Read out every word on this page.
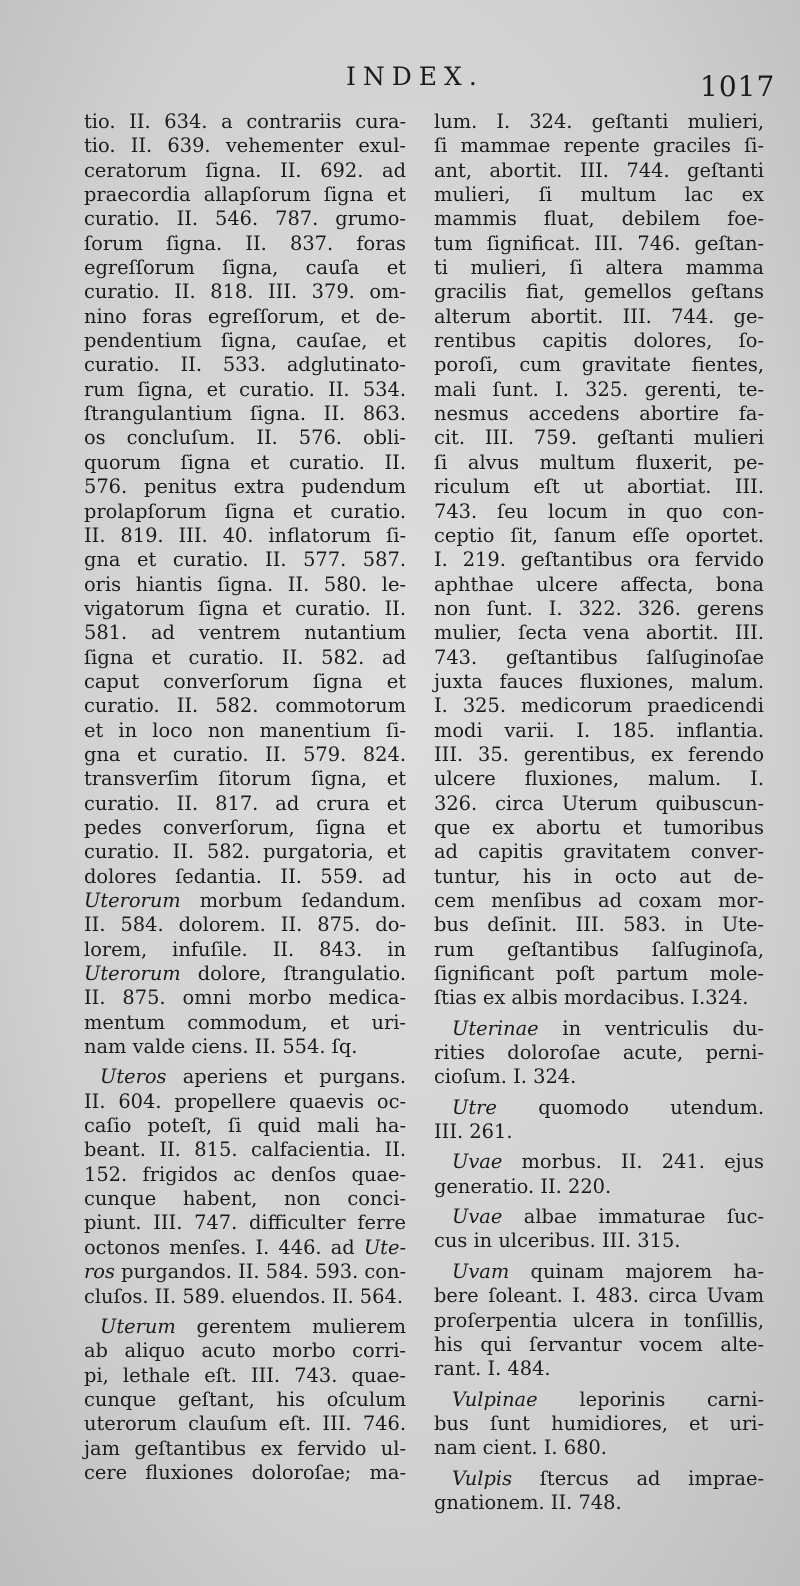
INDEX.	1017
tio. II. 634. a contrariis cura-
tio. II. 639. vehementer exul-
ceratorum ſigna. II. 692. ad
praecordia allapſorum ſigna et
curatio. II. 546. 787. grumo-
ſorum ſigna. II. 837. foras
egreſſorum ſigna, cauſa et
curatio. II. 818. III. 379. om-
nino foras egreſſorum, et de-
pendentium ſigna, cauſae, et
curatio. II. 533. adglutinato-
rum ſigna, et curatio. II. 534.
ſtrangulantium ſigna. II. 863.
os concluſum. II. 576. obli-
quorum ſigna et curatio. II.
576. penitus extra pudendum
prolapſorum ſigna et curatio.
II. 819. III. 40. inflatorum ſi-
gna et curatio. II. 577. 587.
oris hiantis ſigna. II. 580. le-
vigatorum ſigna et curatio. II.
581. ad ventrem nutantium
ſigna et curatio. II. 582. ad
caput converſorum ſigna et
curatio. II. 582. commotorum
et in loco non manentium ſi-
gna et curatio. II. 579. 824.
transverſim ſitorum ſigna, et
curatio. II. 817. ad crura et
pedes converſorum, ſigna et
curatio. II. 582. purgatoria, et
dolores ſedantia. II. 559. ad
Uterorum morbum ſedandum.
II. 584. dolorem. II. 875. do-
lorem, infuſile. II. 843. in
Uterorum dolore, ſtrangulatio.
II. 875. omni morbo medica-
mentum commodum, et uri-
nam valde ciens. II. 554. ſq.
Uteros aperiens et purgans.
II. 604. propellere quaevis oc-
caſio poteſt, ſi quid mali ha-
beant. II. 815. calfacientia. II.
152. frigidos ac denſos quae-
cunque habent, non conci-
piunt. III. 747. difficulter ferre
octonos menſes. I. 446. ad Ute-
ros purgandos. II. 584. 593. con-
cluſos. II. 589. eluendos. II. 564.
Uterum gerentem mulierem
ab aliquo acuto morbo corri-
pi, lethale eſt. III. 743. quae-
cunque geſtant, his oſculum
uterorum clauſum eſt. III. 746.
jam geſtantibus ex fervido ul-
cere fluxiones doloroſae; ma-
lum. I. 324. geſtanti mulieri,
ſi mammae repente graciles ſi-
ant, abortit. III. 744. geſtanti
mulieri, ſi multum lac ex
mammis fluat, debilem foe-
tum ſignificat. III. 746. geſtan-
ti mulieri, ſi altera mamma
gracilis fiat, gemellos geſtans
alterum abortit. III. 744. ge-
rentibus capitis dolores, ſo-
poroſi, cum gravitate fientes,
mali ſunt. I. 325. gerenti, te-
nesmus accedens abortire fa-
cit. III. 759. geſtanti mulieri
ſi alvus multum fluxerit, pe-
riculum eſt ut abortiat. III.
743. ſeu locum in quo con-
ceptio ſit, ſanum eſſe oportet.
I. 219. geſtantibus ora fervido
aphthae ulcere affecta, bona
non ſunt. I. 322. 326. gerens
mulier, ſecta vena abortit. III.
743. geſtantibus ſalſuginoſae
juxta fauces fluxiones, malum.
I. 325. medicorum praedicendi
modi varii. I. 185. inflantia.
III. 35. gerentibus, ex ferendo
ulcere fluxiones, malum. I.
326. circa Uterum quibuscun-
que ex abortu et tumoribus
ad capitis gravitatem conver-
tuntur, his in octo aut de-
cem menſibus ad coxam mor-
bus deſinit. III. 583. in Ute-
rum geſtantibus ſalſuginoſa,
ſignificant poſt partum mole-
ſtias ex albis mordacibus. I.324.
Uterinae in ventriculis du-
rities doloroſae acute, perni-
cioſum. I. 324.
Utre quomodo utendum.
III. 261.
Uvae morbus. II. 241. ejus
generatio. II. 220.
Uvae albae immaturae ſuc-
cus in ulceribus. III. 315.
Uvam quinam majorem ha-
bere ſoleant. I. 483. circa Uvam
proſerpentia ulcera in tonſillis,
his qui ſervantur vocem alte-
rant. I. 484.
Vulpinae leporinis carni-
bus ſunt humidiores, et uri-
nam cient. I. 680.
Vulpis ſtercus ad imprae-
gnationem. II. 748.
